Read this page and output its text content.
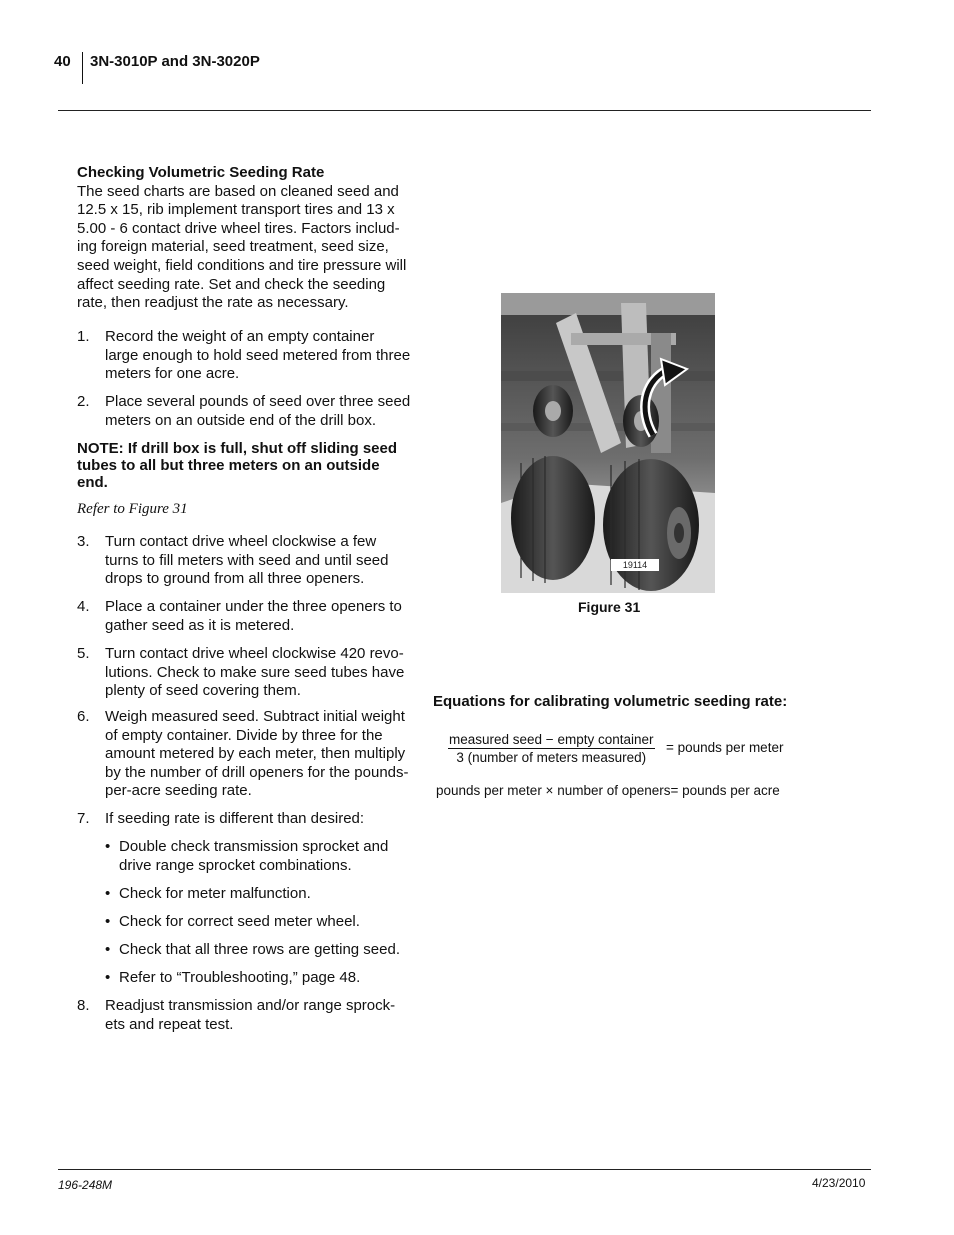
40 3N-3010P and 3N-3020P
Checking Volumetric Seeding Rate

The seed charts are based on cleaned seed and

12.5 x 15, rib implement transport tires and 13 x

5.00 - 6 contact drive wheel tires. Factors includ-

ing foreign material, seed treatment, seed size,

seed weight, field conditions and tire pressure will

affect seeding rate. Set and check the seeding

rate, then readjust the rate as necessary.

1.	Record the weight of an empty container
large enough to hold seed metered from three
meters for one acre.
2.	Place several pounds of seed over three seed
meters on an outside end of the drill box.
NOTE: If drill box is full, shut off sliding seed
tubes to all but three meters on an outside
end.
Refer to Figure 31
3.	Turn contact drive wheel clockwise a few
turns to fill meters with seed and until seed
drops to ground from all three openers.
4.	Place a container under the three openers to
gather seed as it is metered.
5.	Turn contact drive wheel clockwise 420 revo-
lutions. Check to make sure seed tubes have
plenty of seed covering them.
6.	Weigh measured seed. Subtract initial weight
of empty container. Divide by three for the
amount metered by each meter, then multiply
by the number of drill openers for the pounds-
per-acre seeding rate.
7.	If seeding rate is different than desired:
• Double check transmission sprocket and
drive range sprocket combinations.
• Check for meter malfunction.
• Check for correct seed meter wheel.
• Check that all three rows are getting seed.
• Refer to “Troubleshooting,” page 48.
8.	Readjust transmission and/or range sprock-
ets and repeat test.
19114
Figure 31
Equations for calibrating volumetric seeding rate:
measured seed − empty container
3 (number of meters measured)
= pounds per meter
pounds per meter × number of openers= pounds per acre
196-248M	4/23/2010
